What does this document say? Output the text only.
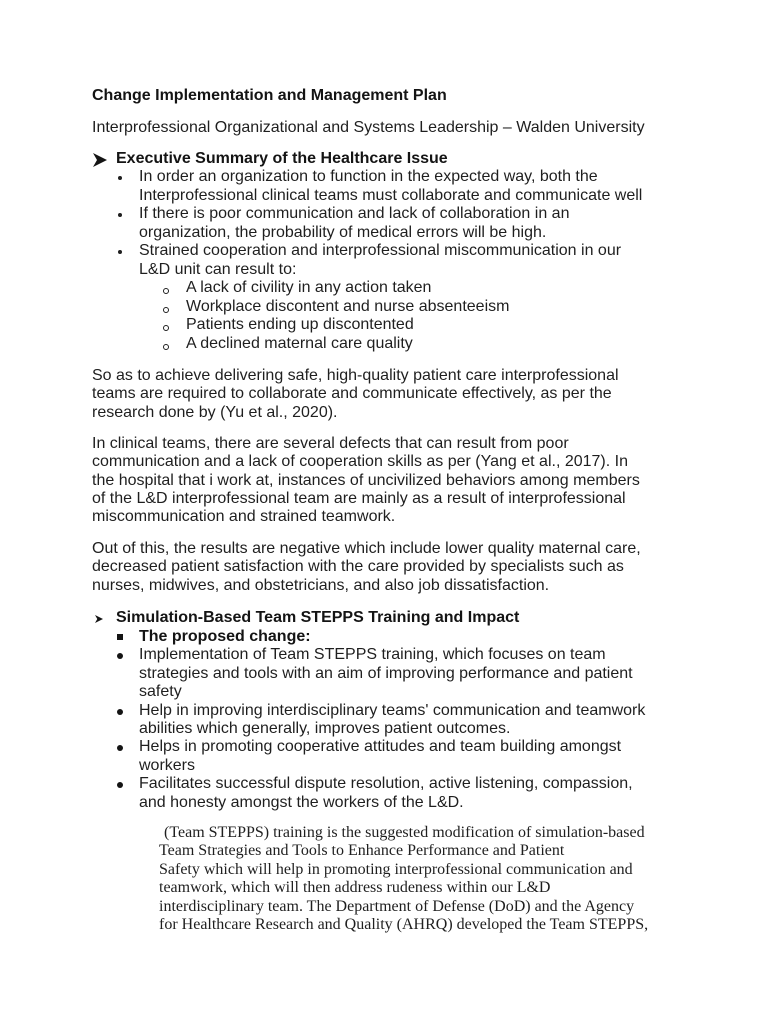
Change Implementation and Management Plan
Interprofessional Organizational and Systems Leadership – Walden University
Executive Summary of the Healthcare Issue
In order an organization to function in the expected way, both the
Interprofessional clinical teams must collaborate and communicate well
If there is poor communication and lack of collaboration in an
organization, the probability of medical errors will be high.
Strained cooperation and interprofessional miscommunication in our
L&D unit can result to:
A lack of civility in any action taken
Workplace discontent and nurse absenteeism
Patients ending up discontented
A declined maternal care quality
So as to achieve delivering safe, high-quality patient care interprofessional
teams are required to collaborate and communicate effectively, as per the
research done by (Yu et al., 2020).
In clinical teams, there are several defects that can result from poor
communication and a lack of cooperation skills as per (Yang et al., 2017). In
the hospital that i work at, instances of uncivilized behaviors among members
of the L&D interprofessional team are mainly as a result of interprofessional
miscommunication and strained teamwork.
Out of this, the results are negative which include lower quality maternal care,
decreased patient satisfaction with the care provided by specialists such as
nurses, midwives, and obstetricians, and also job dissatisfaction.
Simulation-Based Team STEPPS Training and Impact
The proposed change:
Implementation of Team STEPPS training, which focuses on team
strategies and tools with an aim of improving performance and patient
safety
Help in improving interdisciplinary teams' communication and teamwork
abilities which generally, improves patient outcomes.
Helps in promoting cooperative attitudes and team building amongst
workers
Facilitates successful dispute resolution, active listening, compassion,
and honesty amongst the workers of the L&D.
(Team STEPPS) training is the suggested modification of simulation-based
Team Strategies and Tools to Enhance Performance and Patient
Safety which will help in promoting interprofessional communication and
teamwork, which will then address rudeness within our L&D
interdisciplinary team. The Department of Defense (DoD) and the Agency
for Healthcare Research and Quality (AHRQ) developed the Team STEPPS,
